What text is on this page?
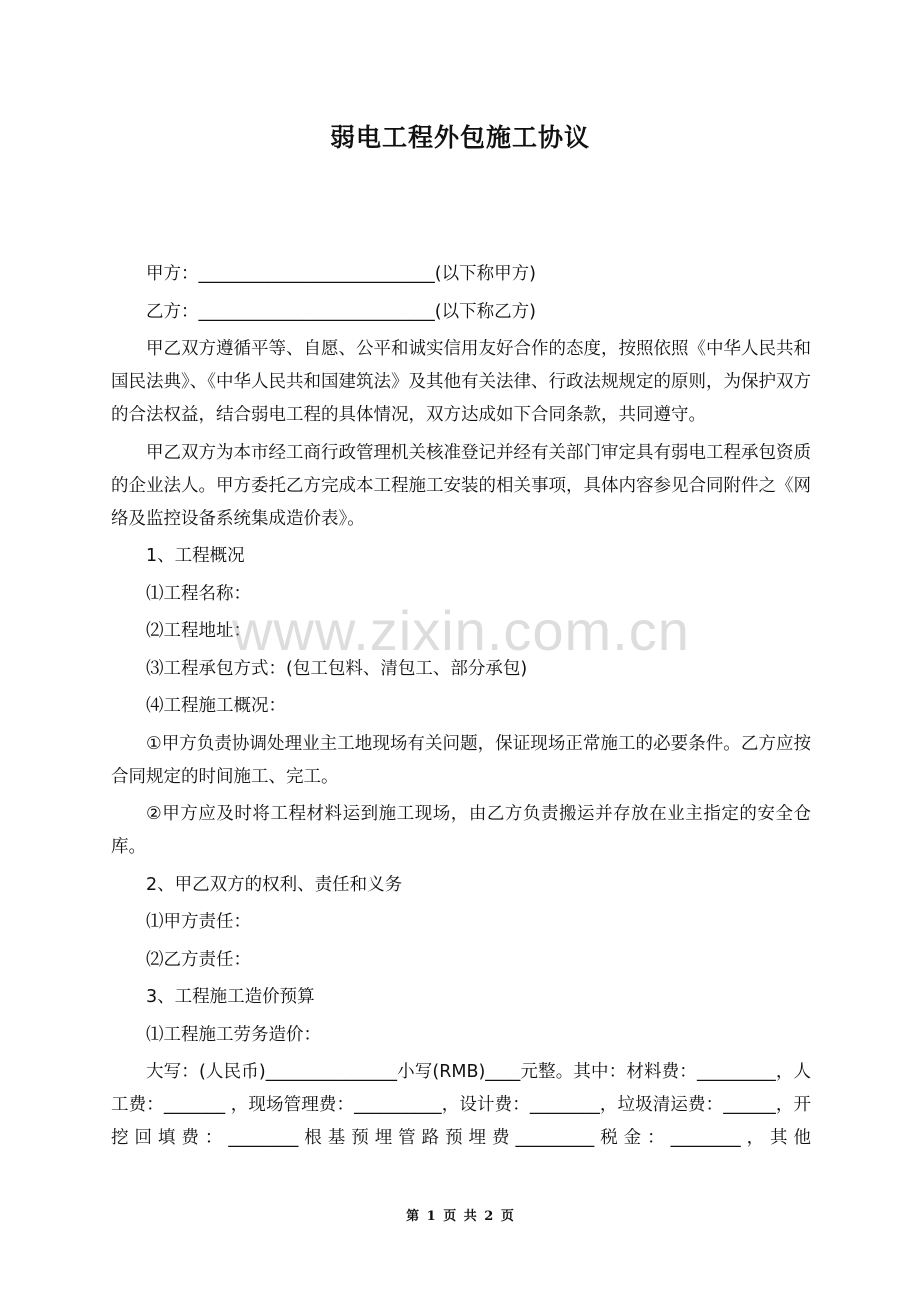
弱电工程外包施工协议

甲方：___________________________(以下称甲方)

乙方：___________________________(以下称乙方)

甲乙双方遵循平等、自愿、公平和诚实信用友好合作的态度，按照依照《中华人民共和国民法典》、《中华人民共和国建筑法》及其他有关法律、行政法规规定的原则，为保护双方的合法权益，结合弱电工程的具体情况，双方达成如下合同条款，共同遵守。

甲乙双方为本市经工商行政管理机关核准登记并经有关部门审定具有弱电工程承包资质的企业法人。甲方委托乙方完成本工程施工安装的相关事项，具体内容参见合同附件之《网络及监控设备系统集成造价表》。

1、工程概况

⑴工程名称：

⑵工程地址：

⑶工程承包方式：(包工包料、清包工、部分承包)

⑷工程施工概况：

①甲方负责协调处理业主工地现场有关问题，保证现场正常施工的必要条件。乙方应按合同规定的时间施工、完工。

②甲方应及时将工程材料运到施工现场，由乙方负责搬运并存放在业主指定的安全仓库。

2、甲乙双方的权利、责任和义务

⑴甲方责任：

⑵乙方责任：

3、工程施工造价预算

⑴工程施工劳务造价：

大写：(人民币)_______________小写(RMB)____元整。其中：材料费：_________，人工费：_______ ，现场管理费：__________，设计费：________，垃圾清运费：______，开挖回填费：________根基预埋管路预埋费_________税金：________，其他

www.zixin.com.cn
第 1 页 共 2 页
